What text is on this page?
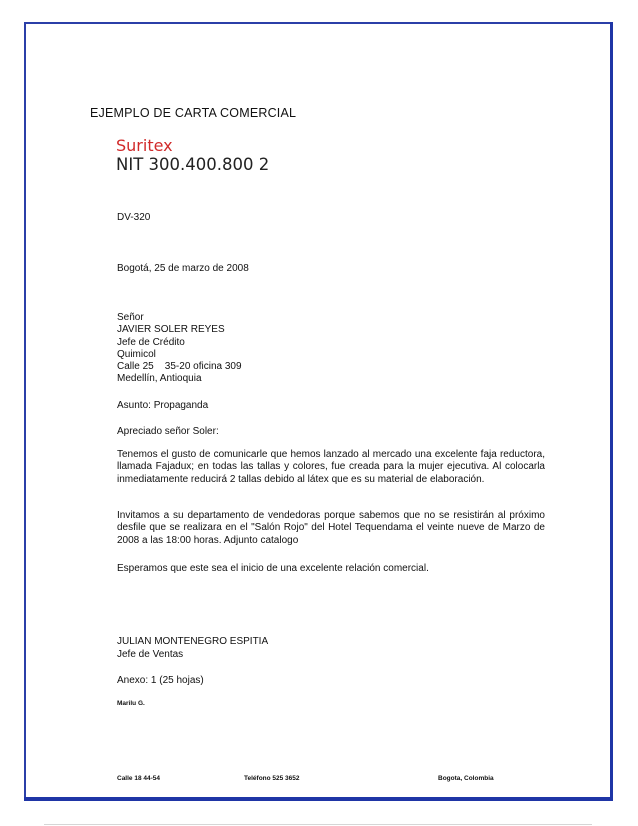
EJEMPLO DE CARTA COMERCIAL
Suritex
NIT 300.400.800 2
DV-320
Bogotá, 25 de marzo de 2008
Señor
JAVIER SOLER REYES
Jefe de Crédito
Quimicol
Calle 25    35-20 oficina 309
Medellín, Antioquia
Asunto: Propaganda
Apreciado señor Soler:
Tenemos el gusto de comunicarle que hemos lanzado al mercado una excelente faja reductora, llamada Fajadux; en todas las tallas y colores, fue creada para la mujer ejecutiva. Al colocarla inmediatamente reducirá 2 tallas debido al látex que es su material de elaboración.
Invitamos a su departamento de vendedoras porque sabemos que no se resistirán al próximo desfile que se realizara en el "Salón Rojo" del Hotel Tequendama el veinte nueve de Marzo de 2008 a las 18:00 horas. Adjunto catalogo
Esperamos que este sea el inicio de una excelente relación comercial.
JULIAN MONTENEGRO ESPITIA
Jefe de Ventas
Anexo: 1 (25 hojas)
Marilu G.
Calle 18 44-54	Teléfono 525 3652	Bogota, Colombia
